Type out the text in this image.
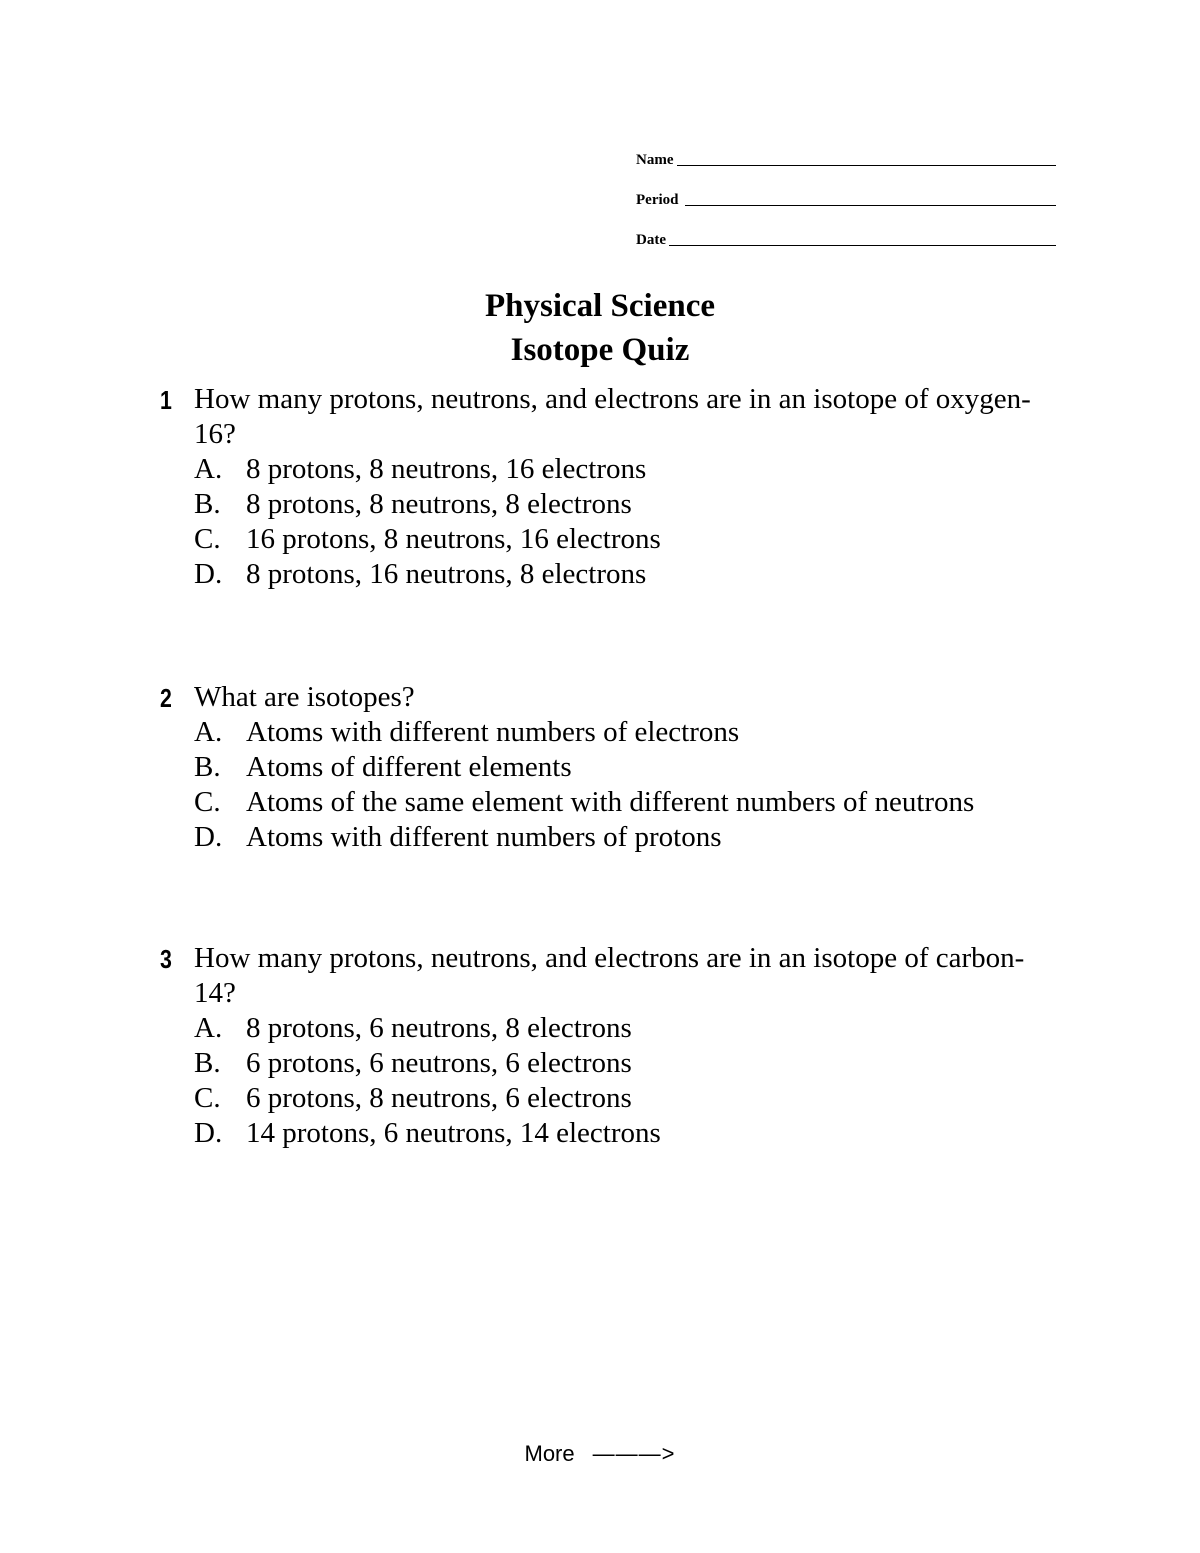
Name
Period
Date
Physical Science
Isotope Quiz
1 How many protons, neutrons, and electrons are in an isotope of oxygen-16?
A. 8 protons, 8 neutrons, 16 electrons
B. 8 protons, 8 neutrons, 8 electrons
C. 16 protons, 8 neutrons, 16 electrons
D. 8 protons, 16 neutrons, 8 electrons
2 What are isotopes?
A. Atoms with different numbers of electrons
B. Atoms of different elements
C. Atoms of the same element with different numbers of neutrons
D. Atoms with different numbers of protons
3 How many protons, neutrons, and electrons are in an isotope of carbon-14?
A. 8 protons, 6 neutrons, 8 electrons
B. 6 protons, 6 neutrons, 6 electrons
C. 6 protons, 8 neutrons, 6 electrons
D. 14 protons, 6 neutrons, 14 electrons
More ———>
